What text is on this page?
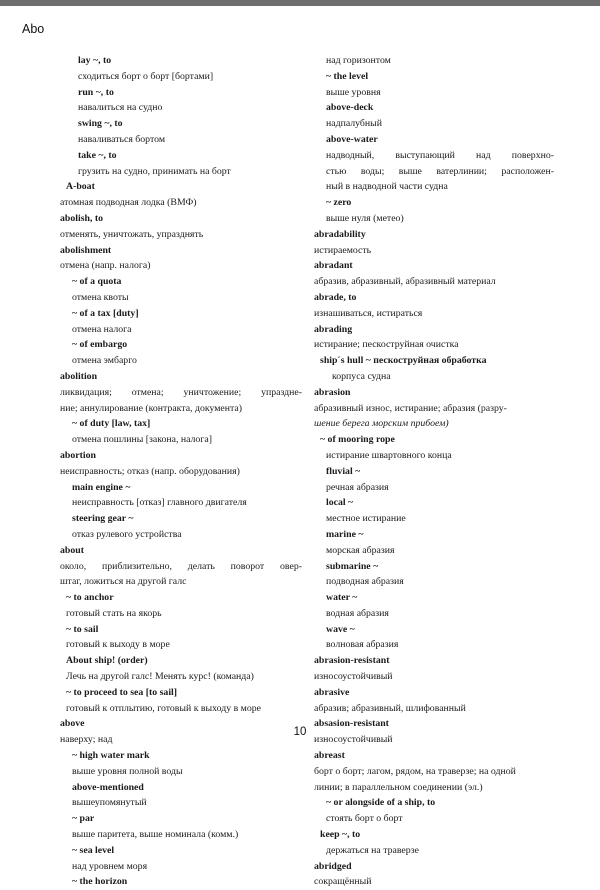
Abo
lay ~, to
сходиться борт о борт [бортами]
run ~, to
навалиться на судно
swing ~, to
наваливаться бортом
take ~, to
грузить на судно, принимать на борт
A-boat
атомная подводная лодка (ВМФ)
abolish, to
отменять, уничтожать, упразднять
abolishment
отмена (напр. налога)
~ of a quota
отмена квоты
~ of a tax [duty]
отмена налога
~ of embargo
отмена эмбарго
abolition
ликвидация; отмена; уничтожение; упраздне-
ние; аннулирование (контракта, документа)
~ of duty [law, tax]
отмена пошлины [закона, налога]
abortion
неисправность; отказ (напр. оборудования)
main engine ~
неисправность [отказ] главного двигателя
steering gear ~
отказ рулевого устройства
about
около, приблизительно, делать поворот овер-
штаг, ложиться на другой галс
~ to anchor
готовый стать на якорь
~ to sail
готовый к выходу в море
About ship! (order)
Лечь на другой галс! Менять курс! (команда)
~ to proceed to sea [to sail]
готовый к отплытию, готовый к выходу в море
above
наверху; над
~ high water mark
выше уровня полной воды
above-mentioned
вышеупомянутый
~ par
выше паритета, выше номинала (комм.)
~ sea level
над уровнем моря
~ the horizon
над горизонтом
~ the level
выше уровня
above-deck
надпалубный
above-water
надводный, выступающий над поверхно-
стью воды; выше ватерлинии; расположен-
ный в надводной части судна
~ zero
выше нуля (метео)
abradability
истираемость
abradant
абразив, абразивный, абразивный материал
abrade, to
изнашиваться, истираться
abrading
истирание; пескоструйная очистка
ship´s hull ~ пескоструйная обработка
корпуса судна
abrasion
абразивный износ, истирание; абразия (разру-
шение берега морским прибоем)
~ of mooring rope
истирание швартовного конца
fluvial ~
речная абразия
local ~
местное истирание
marine ~
морская абразия
submarine ~
подводная абразия
water ~
водная абразия
wave ~
волновая абразия
abrasion-resistant
износоустойчивый
abrasive
абразив; абразивный, шлифованный
absasion-resistant
износоустойчивый
abreast
борт о борт; лагом, рядом, на траверзе; на одной
линии; в параллельном соединении (эл.)
~ or alongside of a ship, to
стоять борт о борт
keep ~, to
держаться на траверзе
abridged
сокращённый
10
